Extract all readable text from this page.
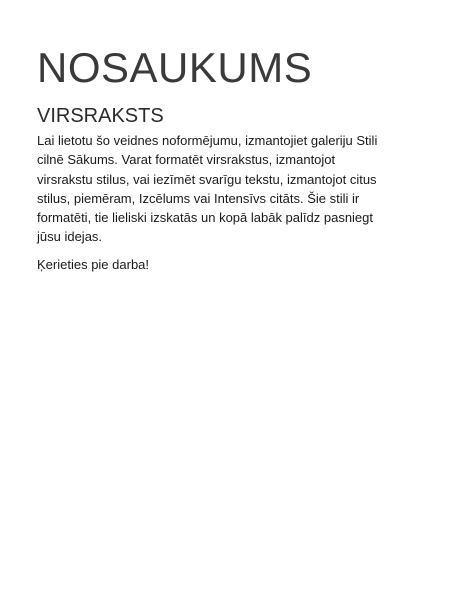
NOSAUKUMS
VIRSRAKSTS

Lai lietotu šo veidnes noformējumu, izmantojiet galeriju Stili
cilnē Sākums. Varat formatēt virsrakstus, izmantojot
virsrakstu stilus, vai iezīmēt svarīgu tekstu, izmantojot citus
stilus, piemēram, Izcēlums vai Intensīvs citāts. Šie stili ir
formatēti, tie lieliski izskatās un kopā labāk palīdz pasniegt
jūsu idejas.

Ķerieties pie darba!
